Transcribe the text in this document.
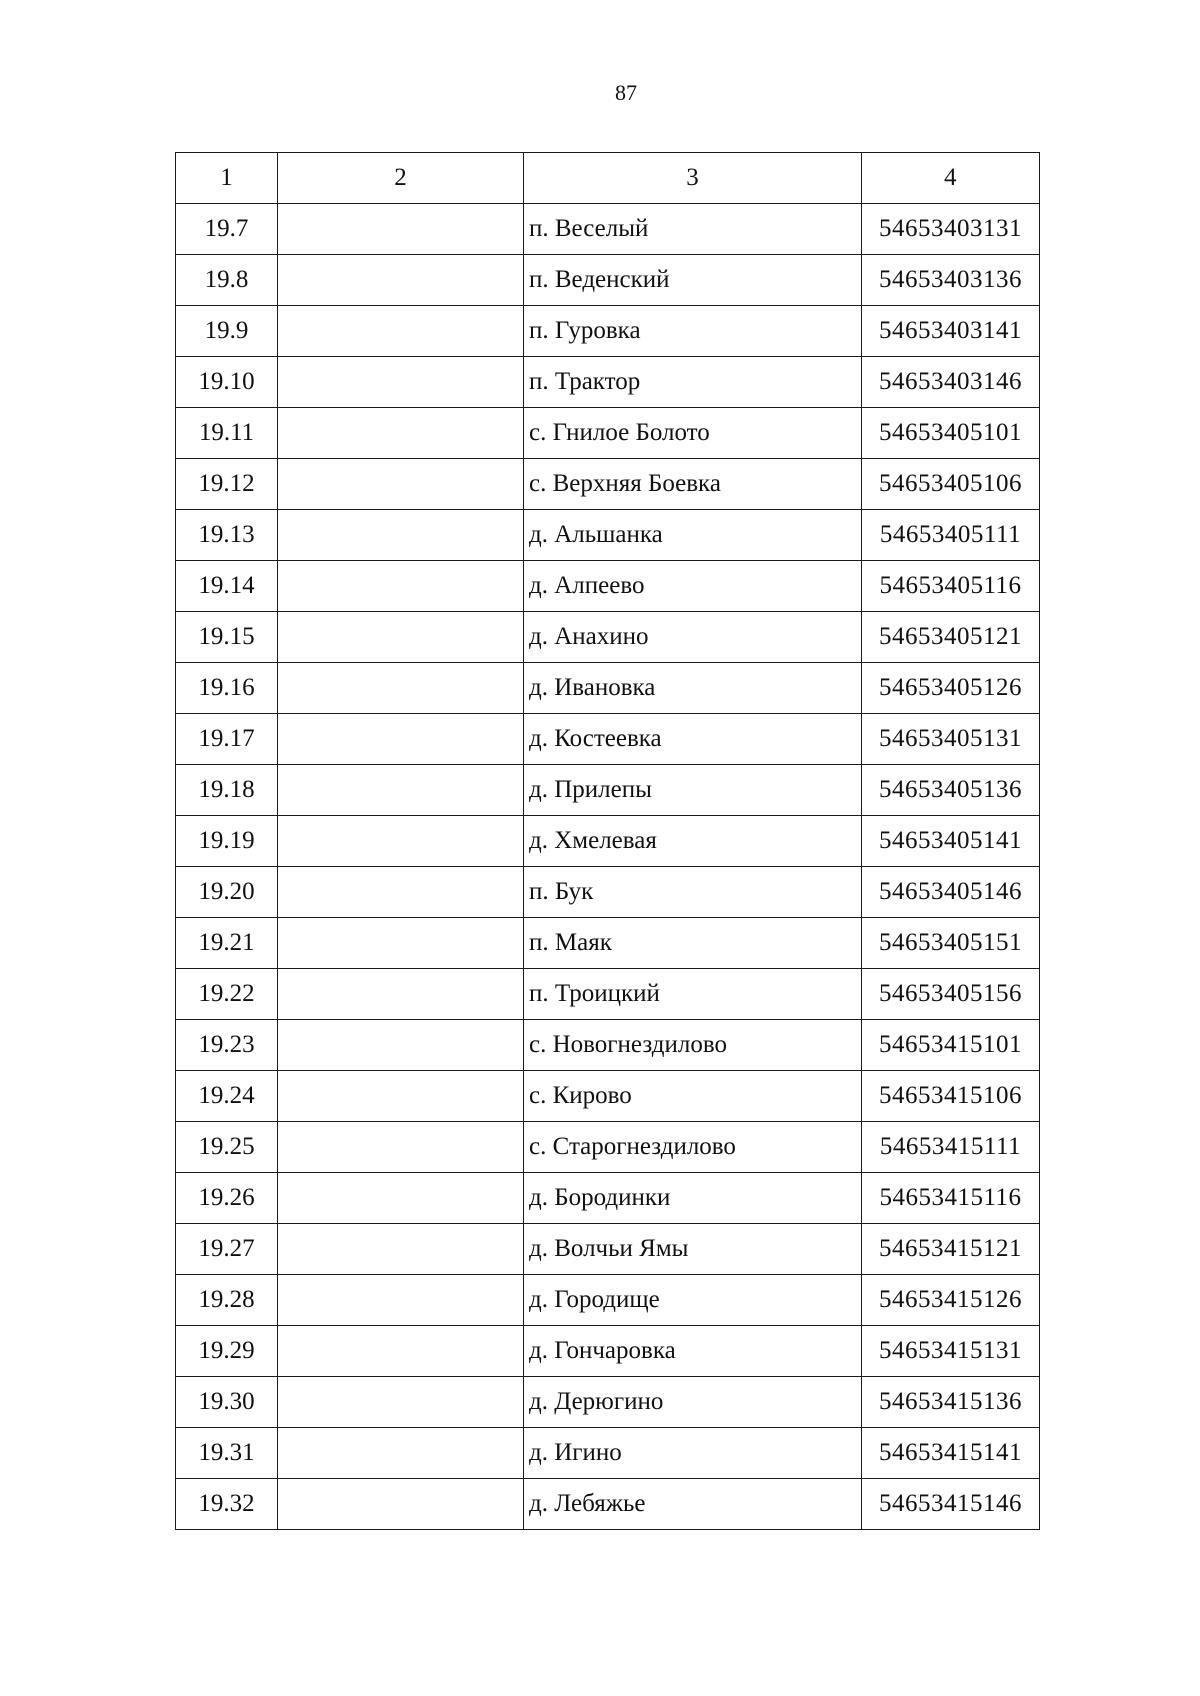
87
1	2	3	4
19.7		п. Веселый	54653403131
19.8		п. Веденский	54653403136
19.9		п. Гуровка	54653403141
19.10		п. Трактор	54653403146
19.11		с. Гнилое Болото	54653405101
19.12		с. Верхняя Боевка	54653405106
19.13		д. Альшанка	54653405111
19.14		д. Алпеево	54653405116
19.15		д. Анахино	54653405121
19.16		д. Ивановка	54653405126
19.17		д. Костеевка	54653405131
19.18		д. Прилепы	54653405136
19.19		д. Хмелевая	54653405141
19.20		п. Бук	54653405146
19.21		п. Маяк	54653405151
19.22		п. Троицкий	54653405156
19.23		с. Новогнездилово	54653415101
19.24		с. Кирово	54653415106
19.25		с. Старогнездилово	54653415111
19.26		д. Бородинки	54653415116
19.27		д. Волчьи Ямы	54653415121
19.28		д. Городище	54653415126
19.29		д. Гончаровка	54653415131
19.30		д. Дерюгино	54653415136
19.31		д. Игино	54653415141
19.32		д. Лебяжье	54653415146
